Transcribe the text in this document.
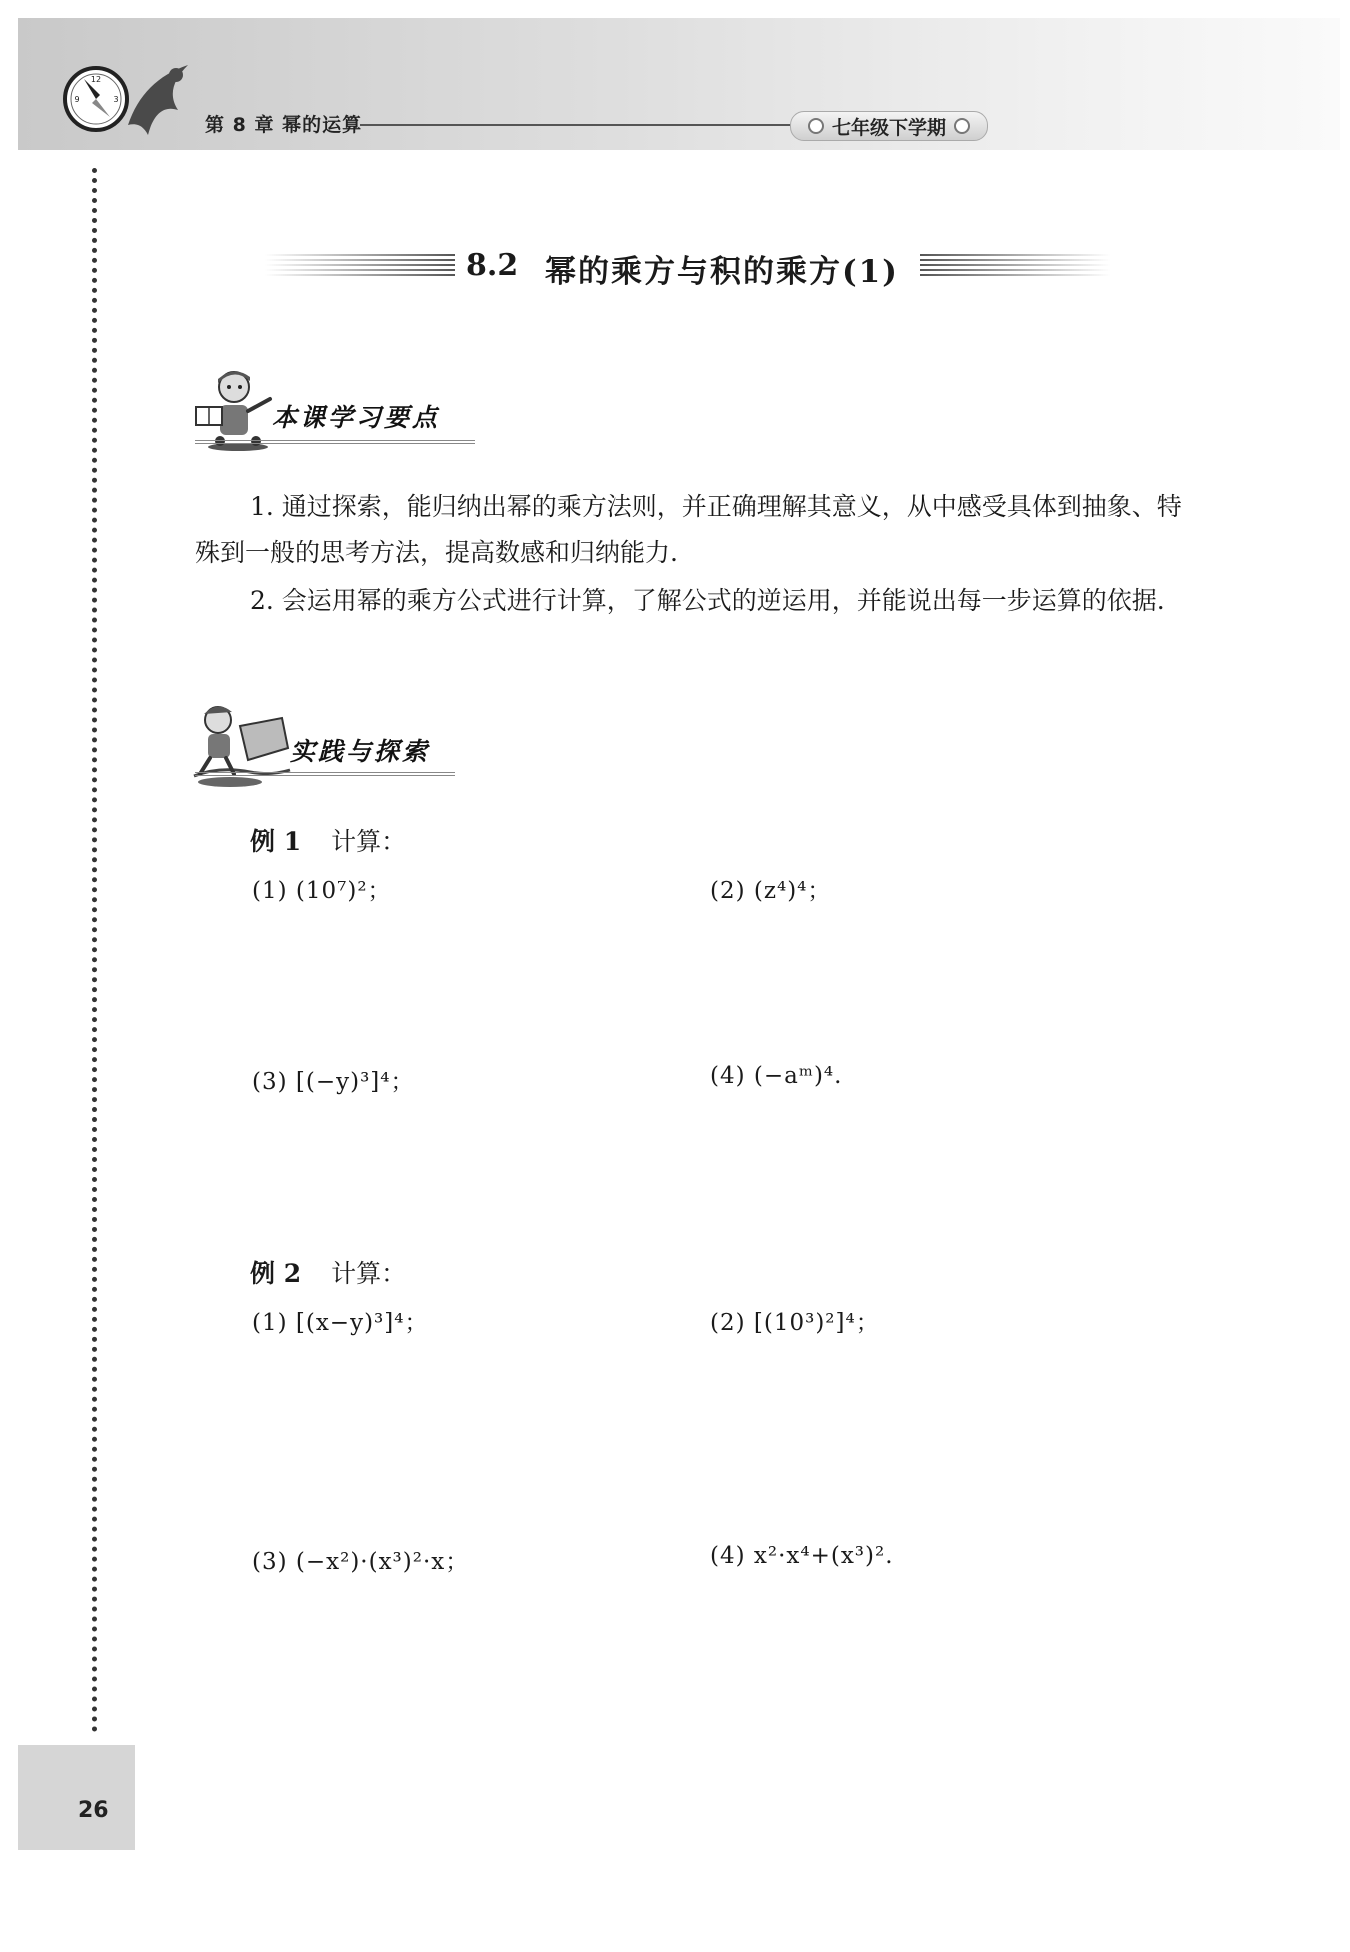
12
3
9
第 8 章 幂的运算	七年级下学期
8.2 幂的乘方与积的乘方(1)
本课学习要点
1. 通过探索，能归纳出幂的乘方法则，并正确理解其意义，从中感受具体到抽象、特殊到一般的思考方法，提高数感和归纳能力.
2. 会运用幂的乘方公式进行计算，了解公式的逆运用，并能说出每一步运算的依据.
实践与探索
例 1 计算：
(1) (10⁷)²；	(2) (z⁴)⁴；
(3) [(−y)³]⁴；	(4) (−aᵐ)⁴.
例 2 计算：
(1) [(x−y)³]⁴；	(2) [(10³)²]⁴；
(3) (−x²)·(x³)²·x；	(4) x²·x⁴+(x³)².
26
